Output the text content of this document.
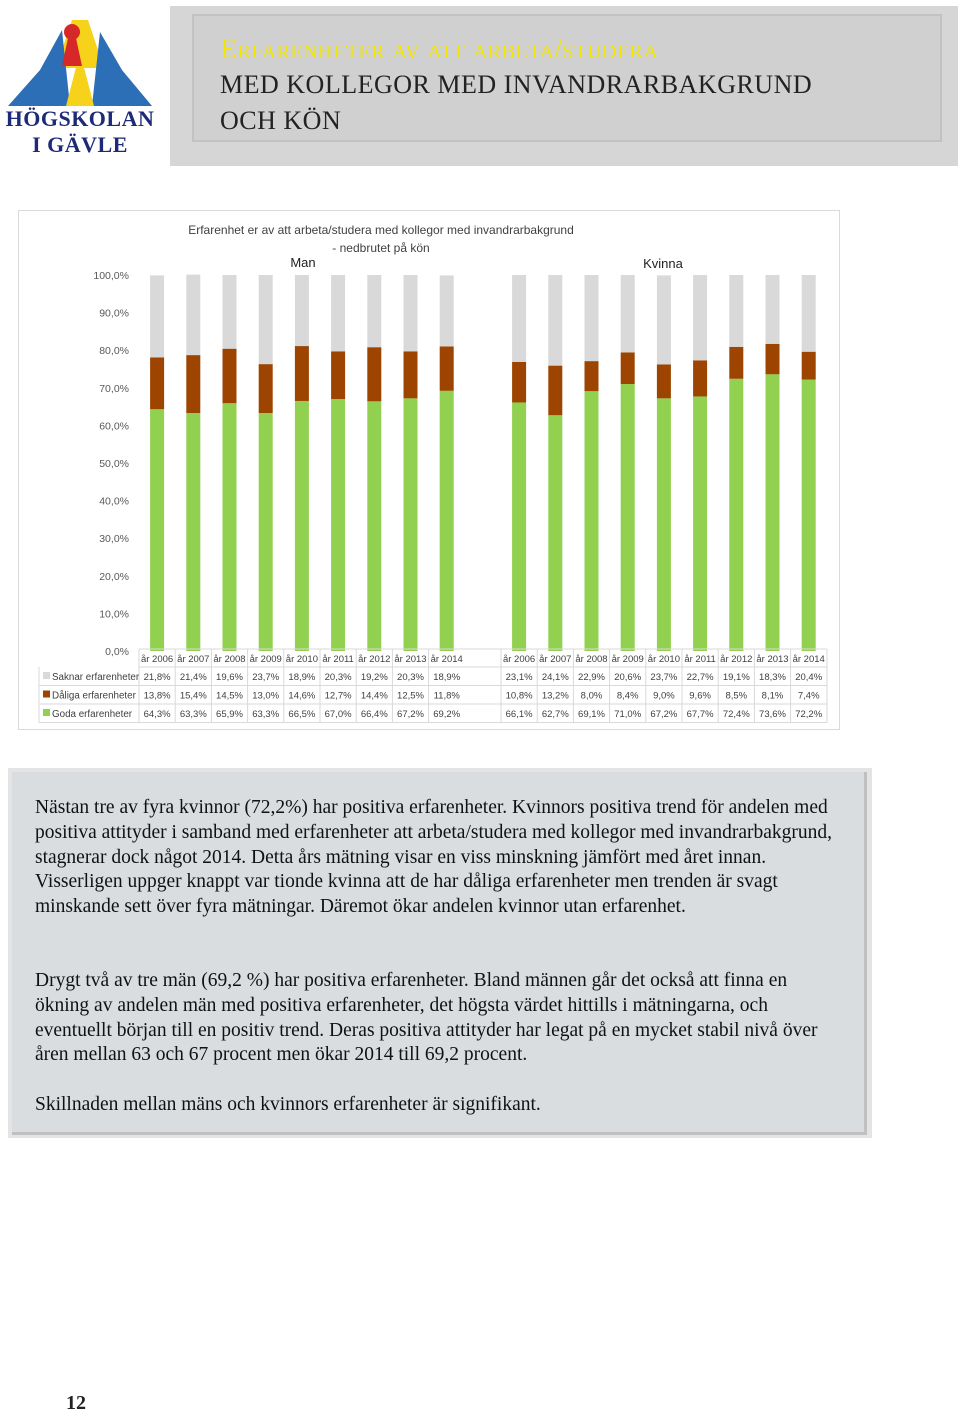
HÖGSKOLAN
I GÄVLE
Erfarenheter av att arbeta/studera
MED KOLLEGOR MED INVANDRARBAKGRUND
OCH KÖN
Erfarenhet er av att arbeta/studera med kollegor med invandrarbakgrund
- nedbrutet på kön
Man	Kvinna
0,0%
10,0%
20,0%
30,0%
40,0%
50,0%
60,0%
70,0%
80,0%
90,0%
100,0%
år 2006 år 2007 år 2008 år 2009 år 2010 år 2011 år 2012 år 2013 år 2014	år 2006 år 2007 år 2008 år 2009 år 2010 år 2011 år 2012 år 2013 år 2014
Saknar erfarenheter 21,8% 21,4% 19,6% 23,7% 18,9% 20,3% 19,2% 20,3% 18,9%	23,1% 24,1% 22,9% 20,6% 23,7% 22,7% 19,1% 18,3% 20,4%
Dåliga erfarenheter 13,8% 15,4% 14,5% 13,0% 14,6% 12,7% 14,4% 12,5% 11,8%	10,8% 13,2% 8,0% 8,4% 9,0% 9,6% 8,5% 8,1% 7,4%
Goda erfarenheter 64,3% 63,3% 65,9% 63,3% 66,5% 67,0% 66,4% 67,2% 69,2%	66,1% 62,7% 69,1% 71,0% 67,2% 67,7% 72,4% 73,6% 72,2%

Nästan tre av fyra kvinnor (72,2%) har positiva erfarenheter. Kvinnors positiva trend för andelen med positiva attityder i samband med erfarenheter att arbeta/studera med kollegor med invandrarbakgrund, stagnerar dock något 2014. Detta års mätning visar en viss minskning jämfört med året innan. Visserligen uppger knappt var tionde kvinna att de har dåliga erfarenheter men trenden är svagt minskande sett över fyra mätningar. Däremot ökar andelen kvinnor utan erfarenhet.

Drygt två av tre män (69,2 %) har positiva erfarenheter. Bland männen går det också att finna en ökning av andelen män med positiva erfarenheter, det högsta värdet hittills i mätningarna, och eventuellt början till en positiv trend. Deras positiva attityder har legat på en mycket stabil nivå över åren mellan 63 och 67 procent men ökar 2014 till 69,2 procent.

Skillnaden mellan mäns och kvinnors erfarenheter är signifikant.

12
